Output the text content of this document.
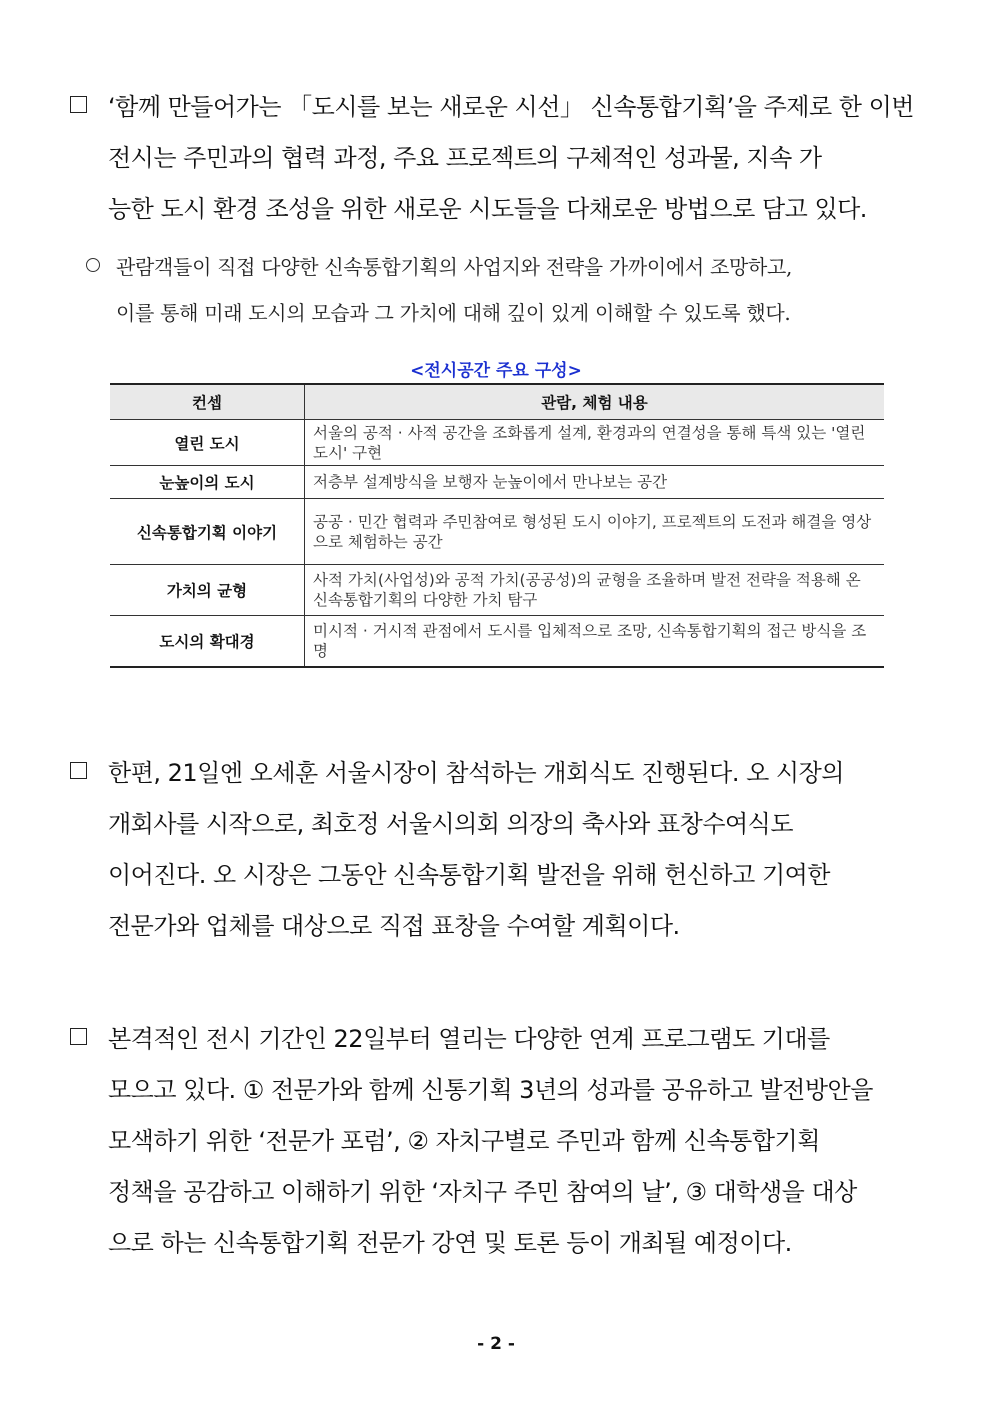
‘함께 만들어가는 「도시를 보는 새로운 시선」 신속통합기획’을 주제로 한 이번
전시는 주민과의 협력 과정, 주요 프로젝트의 구체적인 성과물, 지속 가
능한 도시 환경 조성을 위한 새로운 시도들을 다채로운 방법으로 담고 있다.
관람객들이 직접 다양한 신속통합기획의 사업지와 전략을 가까이에서 조망하고,
이를 통해 미래 도시의 모습과 그 가치에 대해 깊이 있게 이해할 수 있도록 했다.
<전시공간 주요 구성>
컨셉	관람, 체험 내용
열린 도시	서울의 공적 · 사적 공간을 조화롭게 설계, 환경과의 연결성을 통해 특색 있는 '열린 도시' 구현
눈높이의 도시	저층부 설계방식을 보행자 눈높이에서 만나보는 공간
신속통합기획 이야기	공공 · 민간 협력과 주민참여로 형성된 도시 이야기, 프로젝트의 도전과 해결을 영상으로 체험하는 공간
가치의 균형	사적 가치(사업성)와 공적 가치(공공성)의 균형을 조율하며 발전 전략을 적용해 온 신속통합기획의 다양한 가치 탐구
도시의 확대경	미시적 · 거시적 관점에서 도시를 입체적으로 조망, 신속통합기획의 접근 방식을 조명
한편, 21일엔 오세훈 서울시장이 참석하는 개회식도 진행된다. 오 시장의
개회사를 시작으로, 최호정 서울시의회 의장의 축사와 표창수여식도
이어진다. 오 시장은 그동안 신속통합기획 발전을 위해 헌신하고 기여한
전문가와 업체를 대상으로 직접 표창을 수여할 계획이다.
본격적인 전시 기간인 22일부터 열리는 다양한 연계 프로그램도 기대를
모으고 있다. ① 전문가와 함께 신통기획 3년의 성과를 공유하고 발전방안을
모색하기 위한 ‘전문가 포럼’, ② 자치구별로 주민과 함께 신속통합기획
정책을 공감하고 이해하기 위한 ‘자치구 주민 참여의 날’, ③ 대학생을 대상
으로 하는 신속통합기획 전문가 강연 및 토론 등이 개최될 예정이다.
- 2 -
